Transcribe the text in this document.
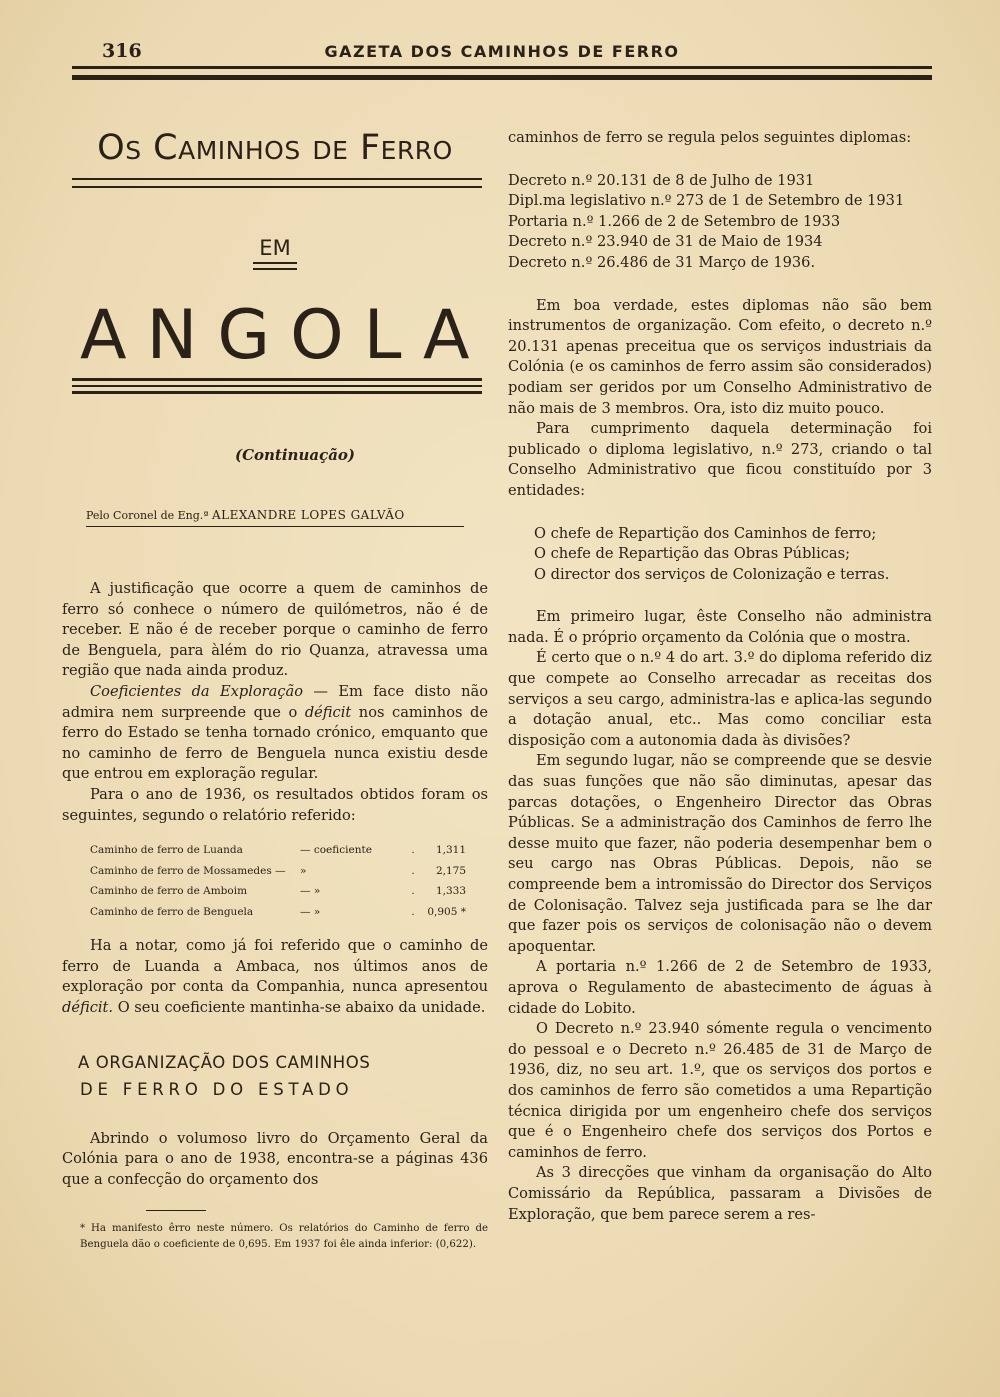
316	GAZETA DOS CAMINHOS DE FERRO
Os Caminhos de Ferro
EM
ANGOLA
(Continuação)
Pelo Coronel de Eng.ª ALEXANDRE LOPES GALVÃO

A justificação que ocorre a quem de caminhos de ferro só conhece o número de quilómetros, não é de receber. E não é de receber porque o caminho de ferro de Benguela, para àlém do rio Quanza, atravessa uma região que nada ainda produz.

Coeficientes da Exploração — Em face disto não admira nem surpreende que o déficit nos caminhos de ferro do Estado se tenha tornado crónico, emquanto que no caminho de ferro de Benguela nunca existiu desde que entrou em exploração regular.

Para o ano de 1936, os resultados obtidos foram os seguintes, segundo o relatório referido:

Caminho de ferro de Luanda	— coeficiente	.	1,311
Caminho de ferro de Mossamedes —	»	.	2,175
Caminho de ferro de Amboim	— »	.	1,333
Caminho de ferro de Benguela	— »	.	0,905 *

Ha a notar, como já foi referido que o caminho de ferro de Luanda a Ambaca, nos últimos anos de exploração por conta da Companhia, nunca apresentou déficit. O seu coeficiente mantinha-se abaixo da unidade.

A ORGANIZAÇÃO DOS CAMINHOS
DE FERRO DO ESTADO

Abrindo o volumoso livro do Orçamento Geral da Colónia para o ano de 1938, encontra-se a páginas 436 que a confecção do orçamento dos

* Ha manifesto êrro neste número. Os relatórios do Caminho de ferro de Benguela dão o coeficiente de 0,695. Em 1937 foi êle ainda inferior: (0,622).

caminhos de ferro se regula pelos seguintes diplomas:

Decreto n.º 20.131 de 8 de Julho de 1931
Dipl.ma legislativo n.º 273 de 1 de Setembro de 1931
Portaria n.º 1.266 de 2 de Setembro de 1933
Decreto n.º 23.940 de 31 de Maio de 1934
Decreto n.º 26.486 de 31 Março de 1936.

Em boa verdade, estes diplomas não são bem instrumentos de organização. Com efeito, o decreto n.º 20.131 apenas preceitua que os serviços industriais da Colónia (e os caminhos de ferro assim são considerados) podiam ser geridos por um Conselho Administrativo de não mais de 3 membros. Ora, isto diz muito pouco.

Para cumprimento daquela determinação foi publicado o diploma legislativo, n.º 273, criando o tal Conselho Administrativo que ficou constituído por 3 entidades:

O chefe de Repartição dos Caminhos de ferro;
O chefe de Repartição das Obras Públicas;
O director dos serviços de Colonização e terras.

Em primeiro lugar, êste Conselho não administra nada. É o próprio orçamento da Colónia que o mostra.

É certo que o n.º 4 do art. 3.º do diploma referido diz que compete ao Conselho arrecadar as receitas dos serviços a seu cargo, administra-las e aplica-las segundo a dotação anual, etc.. Mas como conciliar esta disposição com a autonomia dada às divisões?

Em segundo lugar, não se compreende que se desvie das suas funções que não são diminutas, apesar das parcas dotações, o Engenheiro Director das Obras Públicas. Se a administração dos Caminhos de ferro lhe desse muito que fazer, não poderia desempenhar bem o seu cargo nas Obras Públicas. Depois, não se compreende bem a intromissão do Director dos Serviços de Colonisação. Talvez seja justificada para se lhe dar que fazer pois os serviços de colonisação não o devem apoquentar.

A portaria n.º 1.266 de 2 de Setembro de 1933, aprova o Regulamento de abastecimento de águas à cidade do Lobito.

O Decreto n.º 23.940 sómente regula o vencimento do pessoal e o Decreto n.º 26.485 de 31 de Março de 1936, diz, no seu art. 1.º, que os serviços dos portos e dos caminhos de ferro são cometidos a uma Repartição técnica dirigida por um engenheiro chefe dos serviços que é o Engenheiro chefe dos serviços dos Portos e caminhos de ferro.

As 3 direcções que vinham da organisação do Alto Comissário da República, passaram a Divisões de Exploração, que bem parece serem a res-
